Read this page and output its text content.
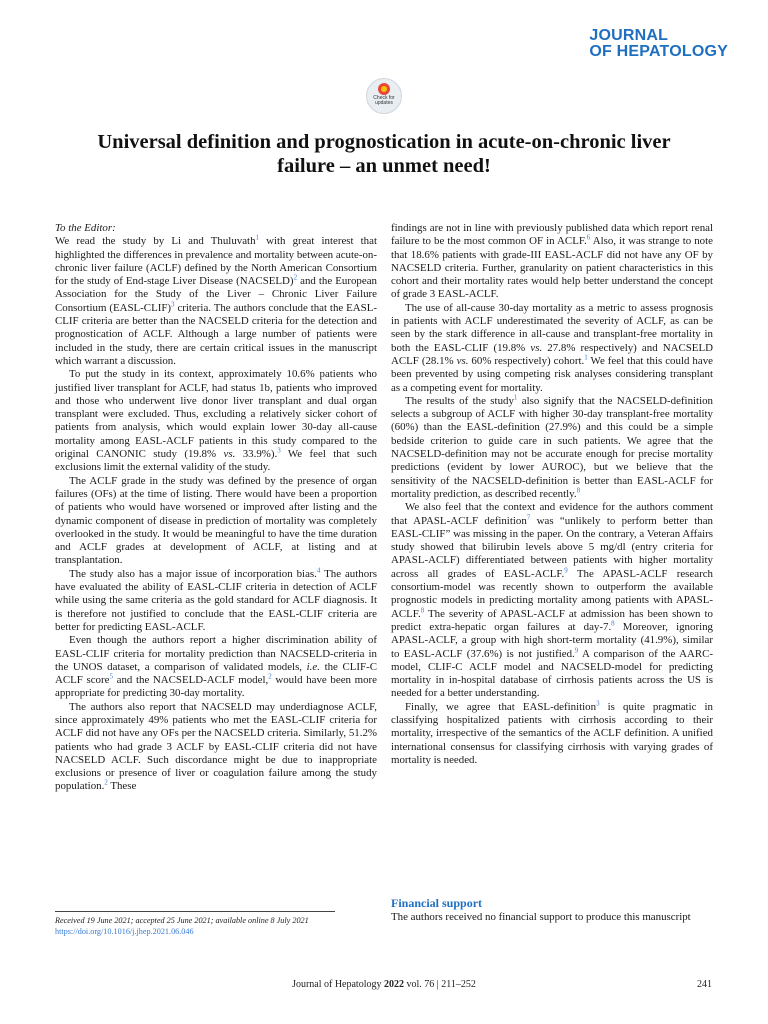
JOURNAL
OF HEPATOLOGY
Check for
updates
Universal definition and prognostication in acute-on-chronic liver failure – an unmet need!

To the Editor:

We read the study by Li and Thuluvath$^1$ with great interest that highlighted the differences in prevalence and mortality between acute-on-chronic liver failure (ACLF) defined by the North American Consortium for the study of End-stage Liver Disease (NACSELD)$^2$ and the European Association for the Study of the Liver – Chronic Liver Failure Consortium (EASL-CLIF)$^3$ criteria. The authors conclude that the EASL-CLIF criteria are better than the NACSELD criteria for the detection and prognostication of ACLF. Although a large number of patients were included in the study, there are certain critical issues in the manuscript which warrant a discussion.

To put the study in its context, approximately 10.6% patients who justified liver transplant for ACLF, had status 1b, patients who improved and those who underwent live donor liver transplant and dual organ transplant were excluded. Thus, excluding a relatively sicker cohort of patients from analysis, which would explain lower 30-day all-cause mortality among EASL-ACLF patients in this study compared to the original CANONIC study (19.8% vs. 33.9%).$^3$ We feel that such exclusions limit the external validity of the study.

The ACLF grade in the study was defined by the presence of organ failures (OFs) at the time of listing. There would have been a proportion of patients who would have worsened or improved after listing and the dynamic component of disease in prediction of mortality was completely overlooked in the study. It would be meaningful to have the time duration and ACLF grades at development of ACLF, at listing and at transplantation.

The study also has a major issue of incorporation bias.$^4$ The authors have evaluated the ability of EASL-CLIF criteria in detection of ACLF while using the same criteria as the gold standard for ACLF diagnosis. It is therefore not justified to conclude that the EASL-CLIF criteria are better for predicting EASL-ACLF.

Even though the authors report a higher discrimination ability of EASL-CLIF criteria for mortality prediction than NACSELD-criteria in the UNOS dataset, a comparison of validated models, i.e. the CLIF-C ACLF score$^5$ and the NACSELD-ACLF model,$^2$ would have been more appropriate for predicting 30-day mortality.

The authors also report that NACSELD may underdiagnose ACLF, since approximately 49% patients who met the EASL-CLIF criteria for ACLF did not have any OFs per the NACSELD criteria. Similarly, 51.2% patients who had grade 3 ACLF by EASL-CLIF criteria did not have NACSELD ACLF. Such discordance might be due to inappropriate exclusions or presence of liver or coagulation failure among the study population.$^2$ These

findings are not in line with previously published data which report renal failure to be the most common OF in ACLF.$^6$ Also, it was strange to note that 18.6% patients with grade-III EASL-ACLF did not have any OF by NACSELD criteria. Further, granularity on patient characteristics in this cohort and their mortality rates would help better understand the concept of grade 3 EASL-ACLF.

The use of all-cause 30-day mortality as a metric to assess prognosis in patients with ACLF underestimated the severity of ACLF, as can be seen by the stark difference in all-cause and transplant-free mortality in both the EASL-CLIF (19.8% vs. 27.8% respectively) and NACSELD ACLF (28.1% vs. 60% respectively) cohort.$^1$ We feel that this could have been prevented by using competing risk analyses considering transplant as a competing event for mortality.

The results of the study$^1$ also signify that the NACSELD-definition selects a subgroup of ACLF with higher 30-day transplant-free mortality (60%) than the EASL-definition (27.9%) and this could be a simple bedside criterion to guide care in such patients. We agree that the NACSELD-definition may not be accurate enough for precise mortality predictions (evident by lower AUROC), but we believe that the sensitivity of the NACSELD-definition is better than EASL-ACLF for mortality prediction, as described recently.$^8$

We also feel that the context and evidence for the authors comment that APASL-ACLF definition$^7$ was “unlikely to perform better than EASL-CLIF” was missing in the paper. On the contrary, a Veteran Affairs study showed that bilirubin levels above 5 mg/dl (entry criteria for APASL-ACLF) differentiated between patients with higher mortality across all grades of EASL-ACLF.$^9$ The APASL-ACLF research consortium-model was recently shown to outperform the available prognostic models in predicting mortality among patients with APASL-ACLF.$^8$ The severity of APASL-ACLF at admission has been shown to predict extra-hepatic organ failures at day-7.$^8$ Moreover, ignoring APASL-ACLF, a group with high short-term mortality (41.9%), similar to EASL-ACLF (37.6%) is not justified.$^9$ A comparison of the AARC-model, CLIF-C ACLF model and NACSELD-model for predicting mortality in in-hospital database of cirrhosis patients across the US is needed for a better understanding.

Finally, we agree that EASL-definition$^3$ is quite pragmatic in classifying hospitalized patients with cirrhosis according to their mortality, irrespective of the semantics of the ACLF definition. A unified international consensus for classifying cirrhosis with varying grades of mortality is needed.

Financial support

The authors received no financial support to produce this manuscript

Received 19 June 2021; accepted 25 June 2021; available online 8 July 2021
https://doi.org/10.1016/j.jhep.2021.06.046
Journal of Hepatology 2022 vol. 76 | 211–252	241
